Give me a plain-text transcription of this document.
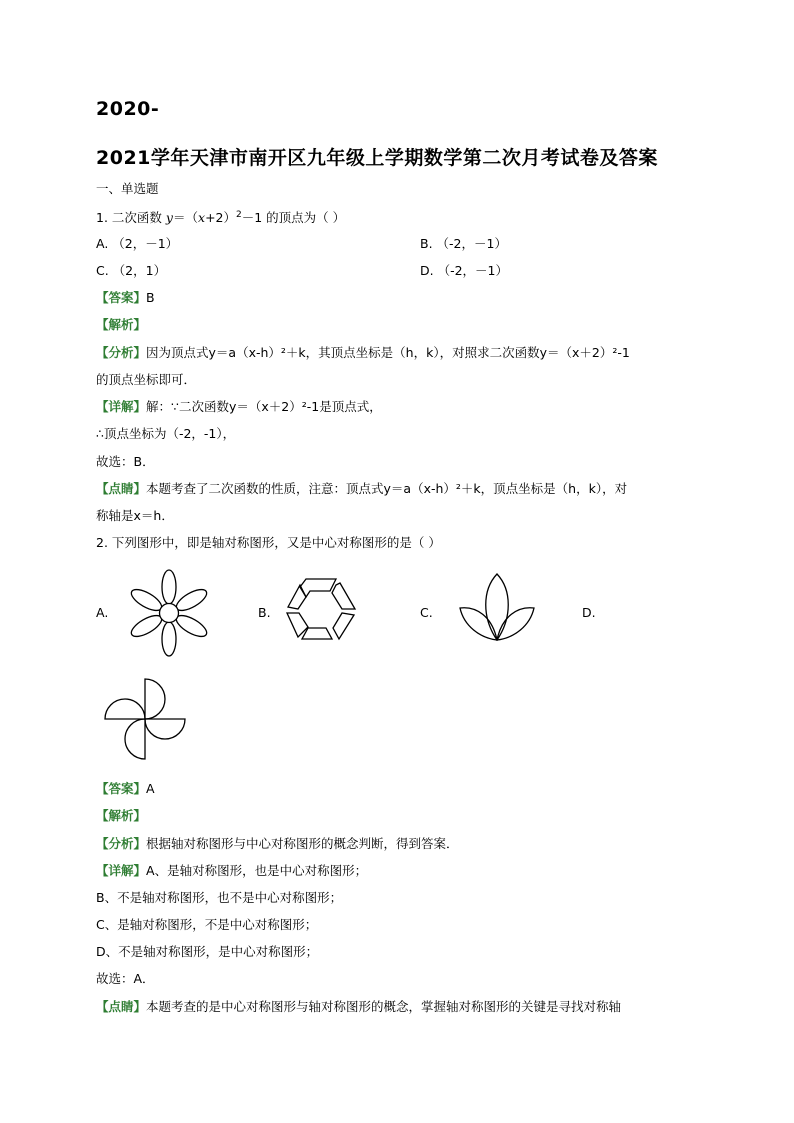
2020-
2021学年天津市南开区九年级上学期数学第二次月考试卷及答案
一、单选题
1. 二次函数 $y=(x+2)^2-1$ 的顶点为（ ）
A. （2，－1）	B. （-2，－1）
C. （2，1）	D. （-2，－1）
【答案】B
【解析】
【分析】因为顶点式y＝a（x-h）²＋k，其顶点坐标是（h，k），对照求二次函数y＝（x＋2）²-1
的顶点坐标即可．
【详解】解：∵二次函数y＝（x＋2）²-1是顶点式，
∴顶点坐标为（-2，-1），
故选：B．
【点睛】本题考查了二次函数的性质，注意：顶点式y＝a（x-h）²＋k，顶点坐标是（h，k），对
称轴是x＝h．
2. 下列图形中，即是轴对称图形，又是中心对称图形的是（ ）
A.	B.	C.	D.
【答案】A
【解析】
【分析】根据轴对称图形与中心对称图形的概念判断，得到答案．
【详解】A、是轴对称图形，也是中心对称图形；
B、不是轴对称图形，也不是中心对称图形；
C、是轴对称图形，不是中心对称图形；
D、不是轴对称图形，是中心对称图形；
故选：A．
【点睛】本题考查的是中心对称图形与轴对称图形的概念，掌握轴对称图形的关键是寻找对称轴
